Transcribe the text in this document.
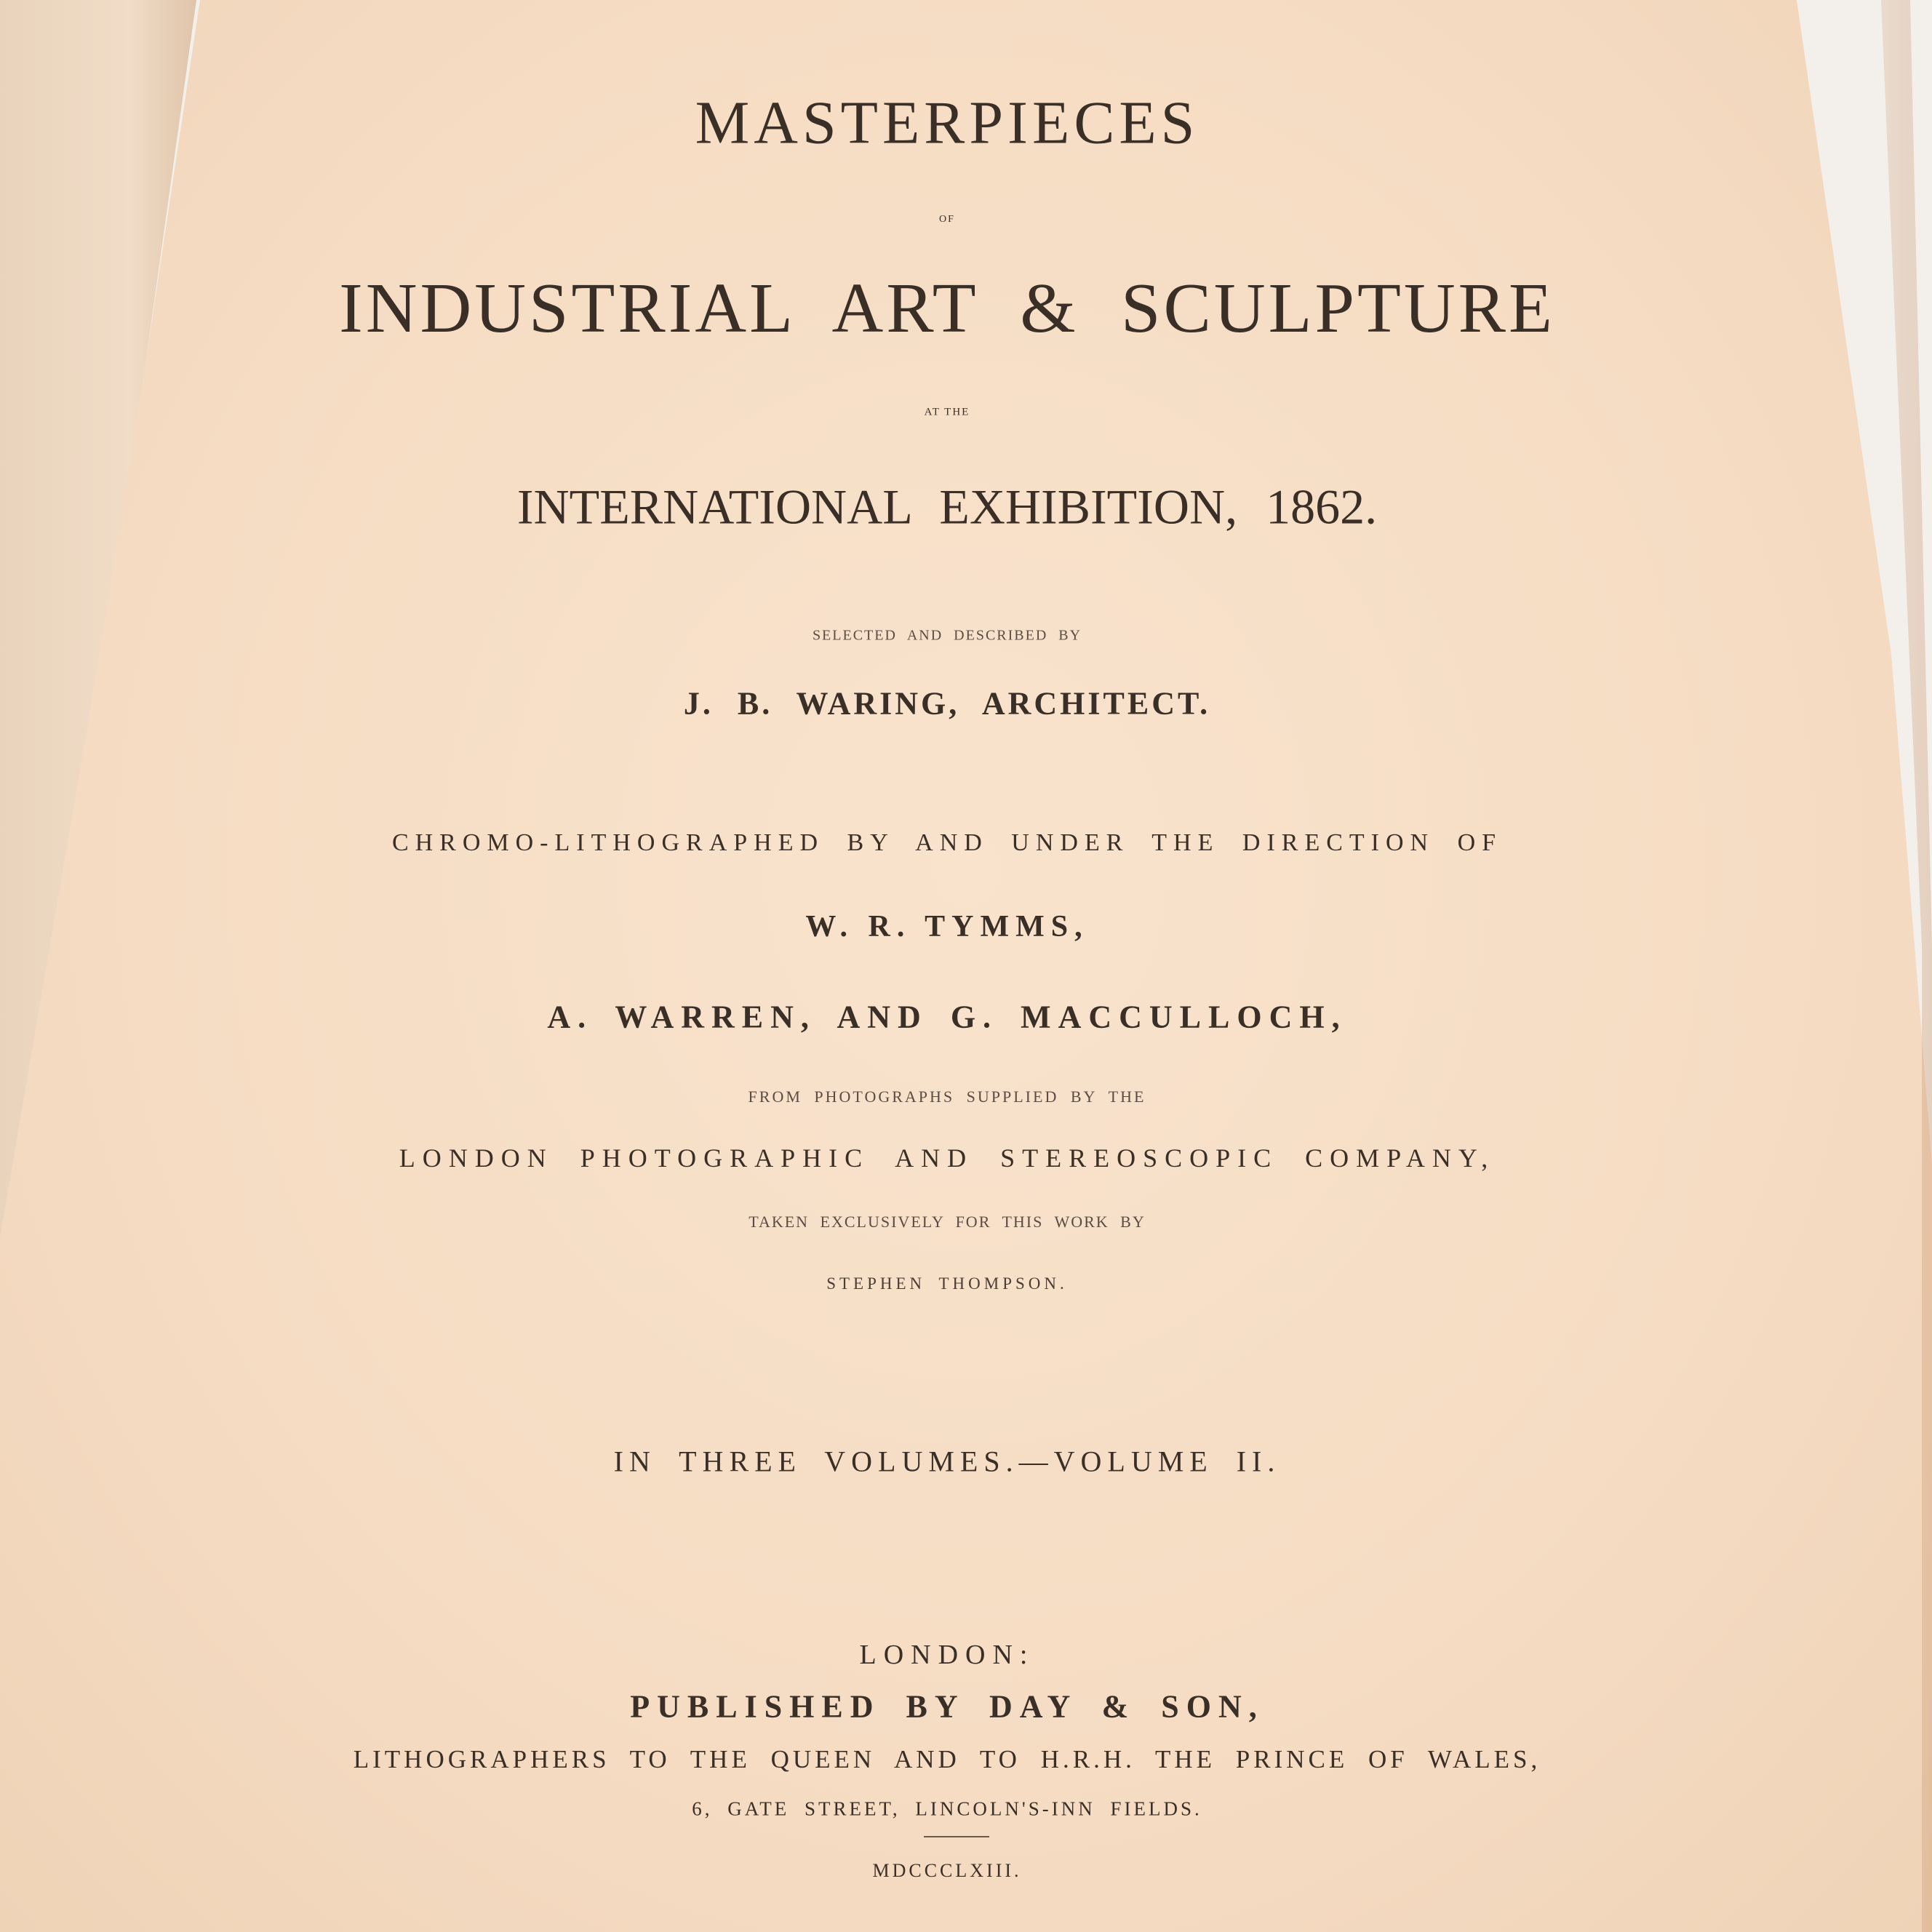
MASTERPIECES
OF
INDUSTRIAL ART & SCULPTURE
AT THE
INTERNATIONAL EXHIBITION, 1862.
SELECTED AND DESCRIBED BY
J. B. WARING, ARCHITECT.
CHROMO-LITHOGRAPHED BY AND UNDER THE DIRECTION OF
W. R. TYMMS,
A. WARREN, AND G. MACCULLOCH,
FROM PHOTOGRAPHS SUPPLIED BY THE
LONDON PHOTOGRAPHIC AND STEREOSCOPIC COMPANY,
TAKEN EXCLUSIVELY FOR THIS WORK BY
STEPHEN THOMPSON.
IN THREE VOLUMES.—VOLUME II.
LONDON:
PUBLISHED BY DAY & SON,
LITHOGRAPHERS TO THE QUEEN AND TO H.R.H. THE PRINCE OF WALES,
6, GATE STREET, LINCOLN'S-INN FIELDS.
MDCCCLXIII.
